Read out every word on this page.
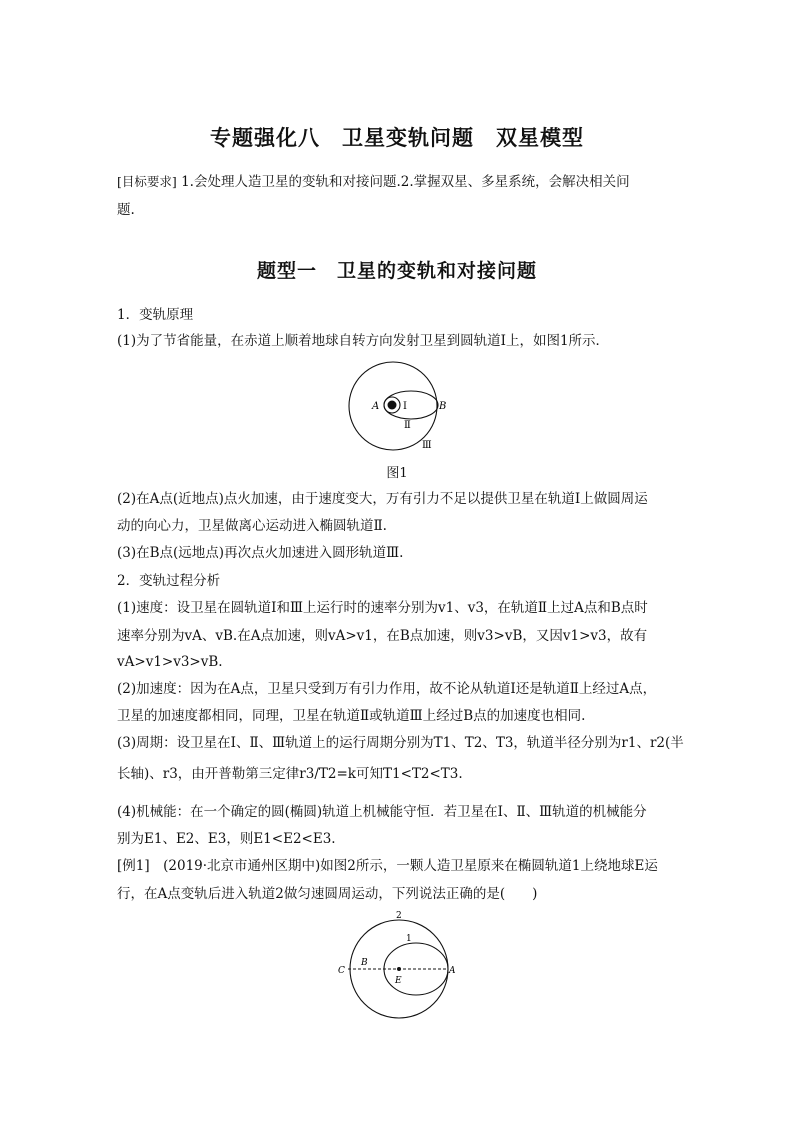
专题强化八　卫星变轨问题　双星模型
[目标要求] 1.会处理人造卫星的变轨和对接问题.2.掌握双星、多星系统，会解决相关问
题.
题型一　卫星的变轨和对接问题
1．变轨原理
(1)为了节省能量，在赤道上顺着地球自转方向发射卫星到圆轨道Ⅰ上，如图1所示．
A Ⅰ	B
Ⅱ
Ⅲ
图1
(2)在A点(近地点)点火加速，由于速度变大，万有引力不足以提供卫星在轨道Ⅰ上做圆周运
动的向心力，卫星做离心运动进入椭圆轨道Ⅱ.
(3)在B点(远地点)再次点火加速进入圆形轨道Ⅲ.
2．变轨过程分析
(1)速度：设卫星在圆轨道Ⅰ和Ⅲ上运行时的速率分别为v1、v3，在轨道Ⅱ上过A点和B点时
速率分别为vA、vB.在A点加速，则vA>v1，在B点加速，则v3>vB，又因v1>v3，故有
vA>v1>v3>vB.
(2)加速度：因为在A点，卫星只受到万有引力作用，故不论从轨道Ⅰ还是轨道Ⅱ上经过A点，
卫星的加速度都相同，同理，卫星在轨道Ⅱ或轨道Ⅲ上经过B点的加速度也相同.
(3)周期：设卫星在Ⅰ、Ⅱ、Ⅲ轨道上的运行周期分别为T1、T2、T3，轨道半径分别为r1、r2(半
长轴)、r3，由开普勒第三定律r3/T2=k可知T1<T2<T3.
(4)机械能：在一个确定的圆(椭圆)轨道上机械能守恒．若卫星在Ⅰ、Ⅱ、Ⅲ轨道的机械能分
别为E1、E2、E3，则E1<E2<E3.
[例1]　(2019·北京市通州区期中)如图2所示，一颗人造卫星原来在椭圆轨道1上绕地球E运
行，在A点变轨后进入轨道2做匀速圆周运动，下列说法正确的是(　　)
2
1
C
B
A
E
